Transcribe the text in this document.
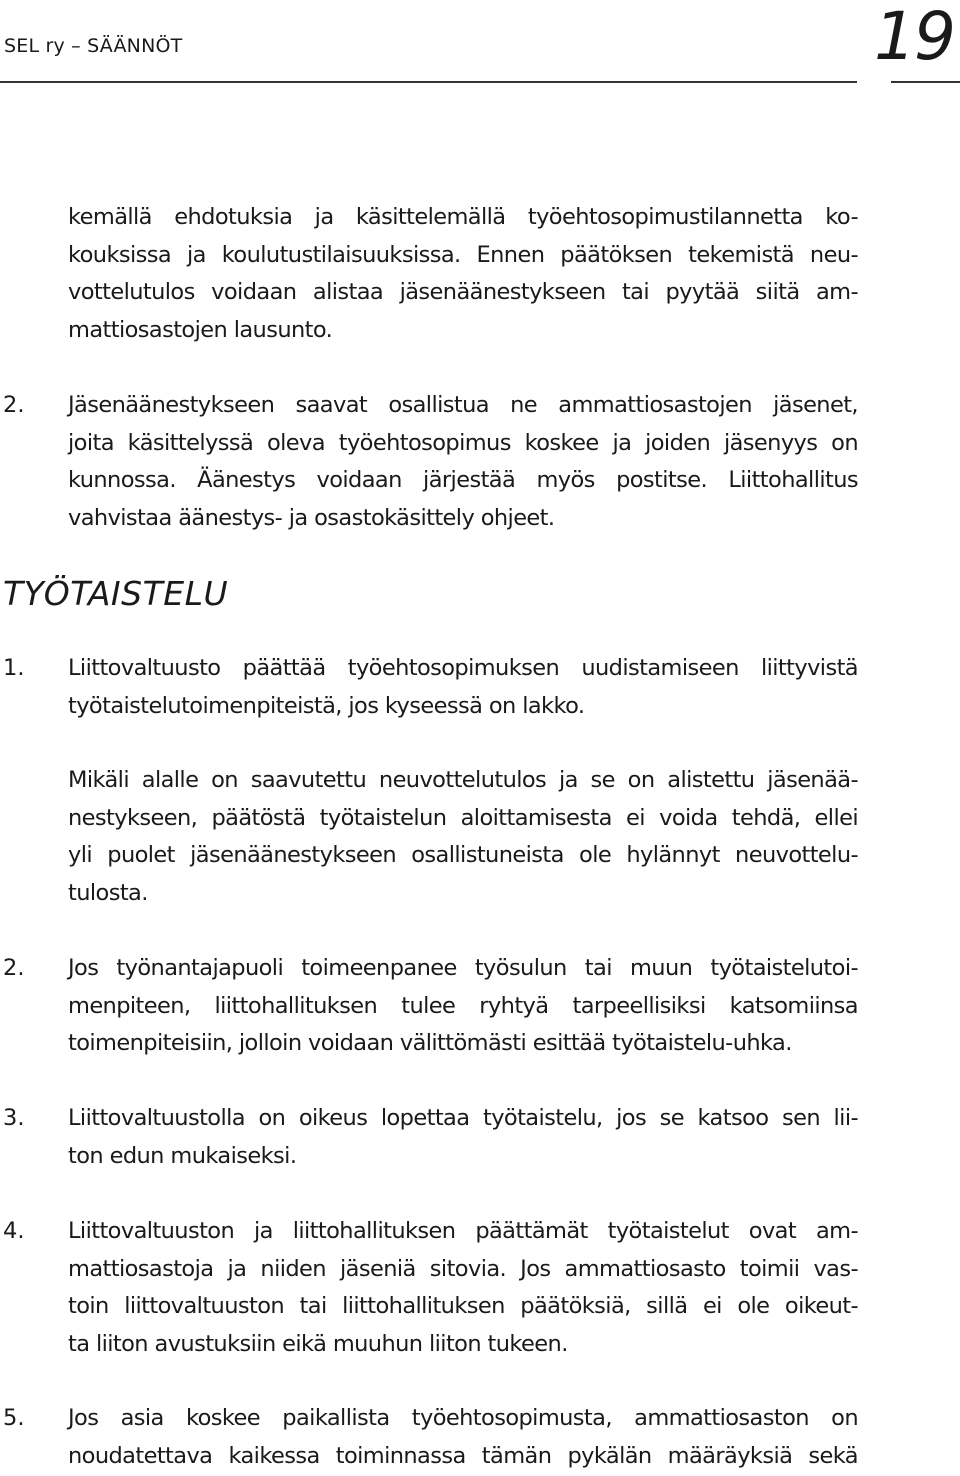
SEL ry – SÄÄNNÖT	19
kemällä ehdotuksia ja käsittelemällä työehtosopimustilannetta ko-
kouksissa ja koulutustilaisuuksissa. Ennen päätöksen tekemistä neu-
vottelutulos voidaan alistaa jäsenäänestykseen tai pyytää siitä am-
mattiosastojen lausunto.
2. Jäsenäänestykseen saavat osallistua ne ammattiosastojen jäsenet,
joita käsittelyssä oleva työehtosopimus koskee ja joiden jäsenyys on
kunnossa. Äänestys voidaan järjestää myös postitse. Liittohallitus
vahvistaa äänestys- ja osastokäsittely ohjeet.
TYÖTAISTELU
1. Liittovaltuusto päättää työehtosopimuksen uudistamiseen liittyvistä
työtaistelutoimenpiteistä, jos kyseessä on lakko.
Mikäli alalle on saavutettu neuvottelutulos ja se on alistettu jäsenää-
nestykseen, päätöstä työtaistelun aloittamisesta ei voida tehdä, ellei
yli puolet jäsenäänestykseen osallistuneista ole hylännyt neuvottelu-
tulosta.
2. Jos työnantajapuoli toimeenpanee työsulun tai muun työtaistelutoi-
menpiteen, liittohallituksen tulee ryhtyä tarpeellisiksi katsomiinsa
toimenpiteisiin, jolloin voidaan välittömästi esittää työtaistelu-uhka.
3. Liittovaltuustolla on oikeus lopettaa työtaistelu, jos se katsoo sen lii-
ton edun mukaiseksi.
4. Liittovaltuuston ja liittohallituksen päättämät työtaistelut ovat am-
mattiosastoja ja niiden jäseniä sitovia. Jos ammattiosasto toimii vas-
toin liittovaltuuston tai liittohallituksen päätöksiä, sillä ei ole oikeut-
ta liiton avustuksiin eikä muuhun liiton tukeen.
5. Jos asia koskee paikallista työehtosopimusta, ammattiosaston on
noudatettava kaikessa toiminnassa tämän pykälän määräyksiä sekä
